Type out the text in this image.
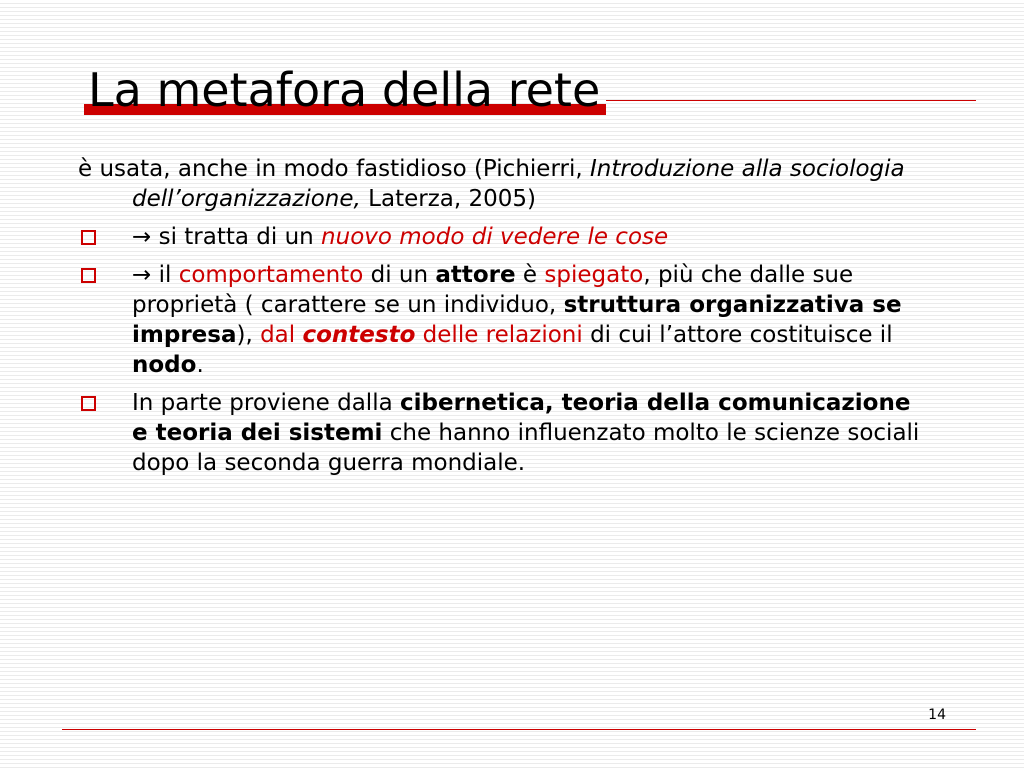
La metafora della rete

è usata, anche in modo fastidioso (Pichierri, Introduzione alla sociologia dell’organizzazione, Laterza, 2005)

→ si tratta di un nuovo modo di vedere le cose
→ il comportamento di un attore è spiegato, più che dalle sue proprietà ( carattere se un individuo, struttura organizzativa se impresa), dal contesto delle relazioni di cui l’attore costituisce il nodo.
In parte proviene dalla cibernetica, teoria della comunicazione e teoria dei sistemi che hanno influenzato molto le scienze sociali dopo la seconda guerra mondiale.
14
